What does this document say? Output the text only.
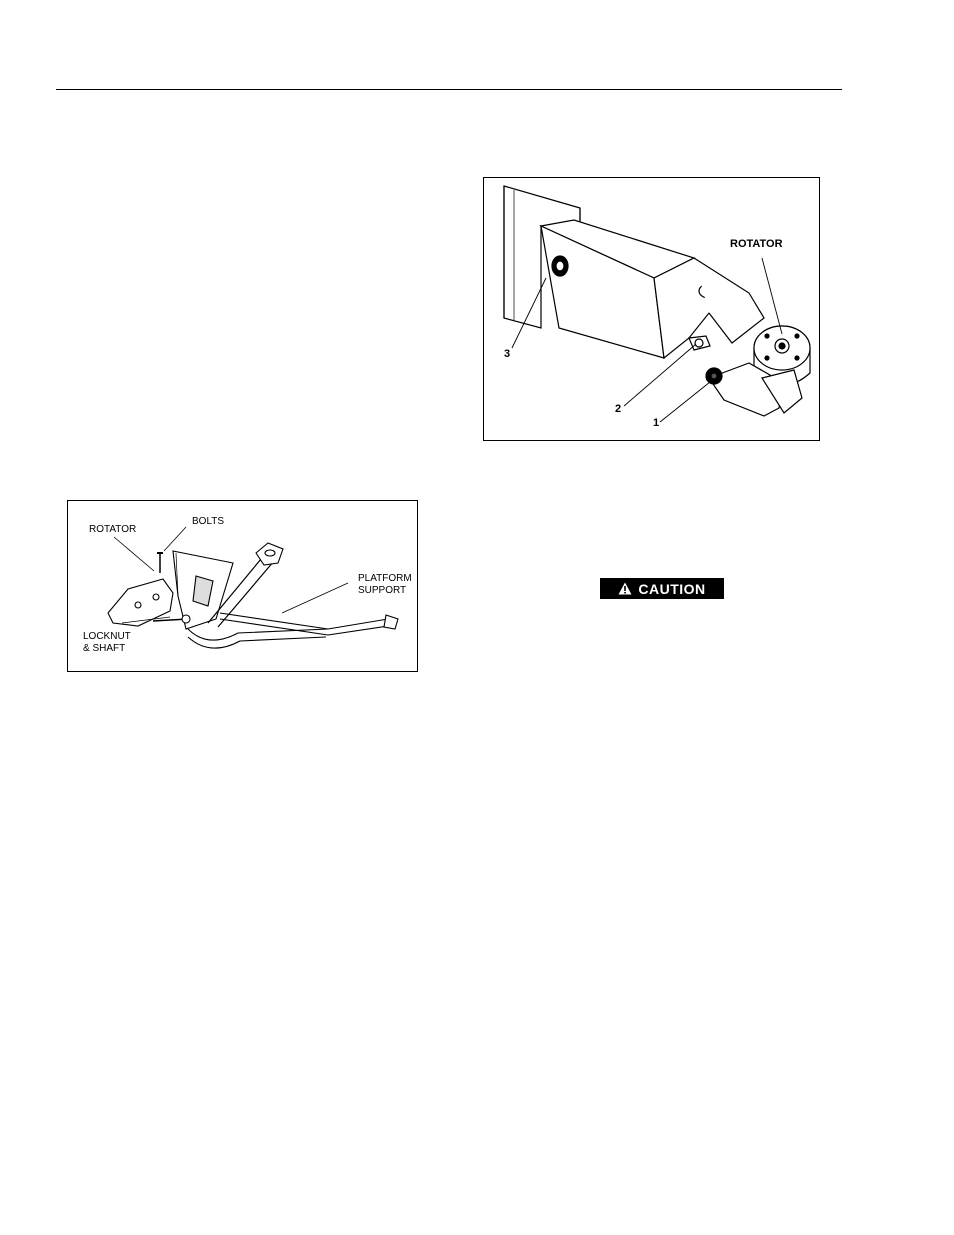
ROTATOR
3
2
1
ROTATOR
BOLTS
PLATFORM
SUPPORT
LOCKNUT
& SHAFT
CAUTION
